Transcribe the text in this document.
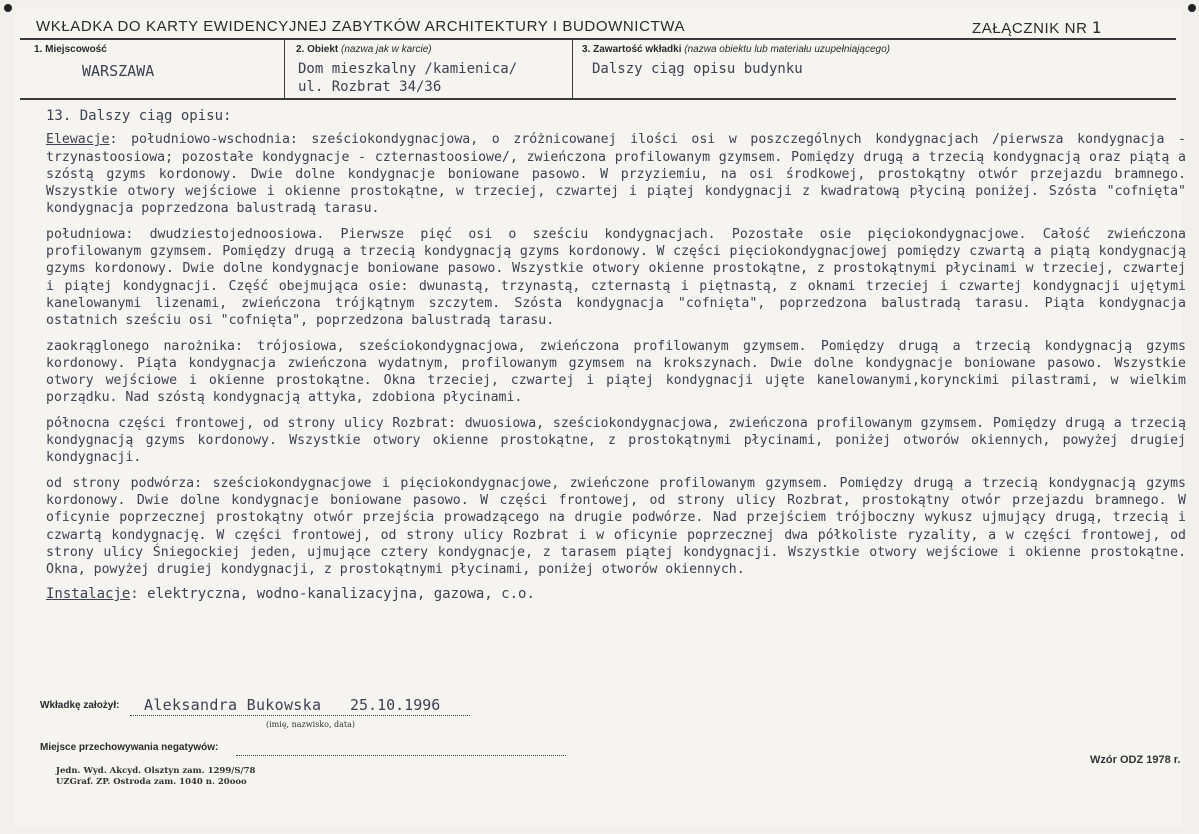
WKŁADKA DO KARTY EWIDENCYJNEJ ZABYTKÓW ARCHITEKTURY I BUDOWNICTWA	ZAŁĄCZNIK NR 1
1. Miejscowość
WARSZAWA
2. Obiekt (nazwa jak w karcie)
Dom mieszkalny /kamienica/
ul. Rozbrat 34/36
3. Zawartość wkładki (nazwa obiektu lub materiału uzupełniającego)
Dalszy ciąg opisu budynku
13. Dalszy ciąg opisu:

Elewacje: południowo-wschodnia: sześciokondygnacjowa, o zróżnicowanej ilości osi w poszczególnych kondygnacjach /pierwsza kondygnacja - trzynastoosiowa; pozostałe kondygnacje - czternastoosiowe/, zwieńczona profilowanym gzymsem. Pomiędzy drugą a trzecią kondygnacją oraz piątą a szóstą gzyms kordonowy. Dwie dolne kondygnacje boniowane pasowo. W przyziemiu, na osi środkowej, prostokątny otwór przejazdu bramnego. Wszystkie otwory wejściowe i okienne prostokątne, w trzeciej, czwartej i piątej kondygnacji z kwadratową płyciną poniżej. Szósta "cofnięta" kondygnacja poprzedzona balustradą tarasu.

południowa: dwudziestojednoosiowa. Pierwsze pięć osi o sześciu kondygnacjach. Pozostałe osie pięciokondygnacjowe. Całość zwieńczona profilowanym gzymsem. Pomiędzy drugą a trzecią kondygnacją gzyms kordonowy. W części pięciokondygnacjowej pomiędzy czwartą a piątą kondygnacją gzyms kordonowy. Dwie dolne kondygnacje boniowane pasowo. Wszystkie otwory okienne prostokątne, z prostokątnymi płycinami w trzeciej, czwartej i piątej kondygnacji. Część obejmująca osie: dwunastą, trzynastą, czternastą i piętnastą, z oknami trzeciej i czwartej kondygnacji ujętymi kanelowanymi lizenami, zwieńczona trójkątnym szczytem. Szósta kondygnacja "cofnięta", poprzedzona balustradą tarasu. Piąta kondygnacja ostatnich sześciu osi "cofnięta", poprzedzona balustradą tarasu.

zaokrąglonego narożnika: trójosiowa, sześciokondygnacjowa, zwieńczona profilowanym gzymsem. Pomiędzy drugą a trzecią kondygnacją gzyms kordonowy. Piąta kondygnacja zwieńczona wydatnym, profilowanym gzymsem na krokszynach. Dwie dolne kondygnacje boniowane pasowo. Wszystkie otwory wejściowe i okienne prostokątne. Okna trzeciej, czwartej i piątej kondygnacji ujęte kanelowanymi,korynckimi pilastrami, w wielkim porządku. Nad szóstą kondygnacją attyka, zdobiona płycinami.

północna części frontowej, od strony ulicy Rozbrat: dwuosiowa, sześciokondygnacjowa, zwieńczona profilowanym gzymsem. Pomiędzy drugą a trzecią kondygnacją gzyms kordonowy. Wszystkie otwory okienne prostokątne, z prostokątnymi płycinami, poniżej otworów okiennych, powyżej drugiej kondygnacji.

od strony podwórza: sześciokondygnacjowe i pięciokondygnacjowe, zwieńczone profilowanym gzymsem. Pomiędzy drugą a trzecią kondygnacją gzyms kordonowy. Dwie dolne kondygnacje boniowane pasowo. W części frontowej, od strony ulicy Rozbrat, prostokątny otwór przejazdu bramnego. W oficynie poprzecznej prostokątny otwór przejścia prowadzącego na drugie podwórze. Nad przejściem trójboczny wykusz ujmujący drugą, trzecią i czwartą kondygnację. W części frontowej, od strony ulicy Rozbrat i w oficynie poprzecznej dwa półkoliste ryzality, a w części frontowej, od strony ulicy Śniegockiej jeden, ujmujące cztery kondygnacje, z tarasem piątej kondygnacji. Wszystkie otwory wejściowe i okienne prostokątne. Okna, powyżej drugiej kondygnacji, z prostokątnymi płycinami, poniżej otworów okiennych.

Instalacje: elektryczna, wodno-kanalizacyjna, gazowa, c.o.

Wkładkę założył: Aleksandra Bukowska 25.10.1996
(imię, nazwisko, data)
Miejsce przechowywania negatywów:
Jedn. Wyd. Akcyd. Olsztyn zam. 1299/S/78
UZGraf. ZP. Ostroda zam. 1040 n. 20ooo
Wzór ODZ 1978 r.
